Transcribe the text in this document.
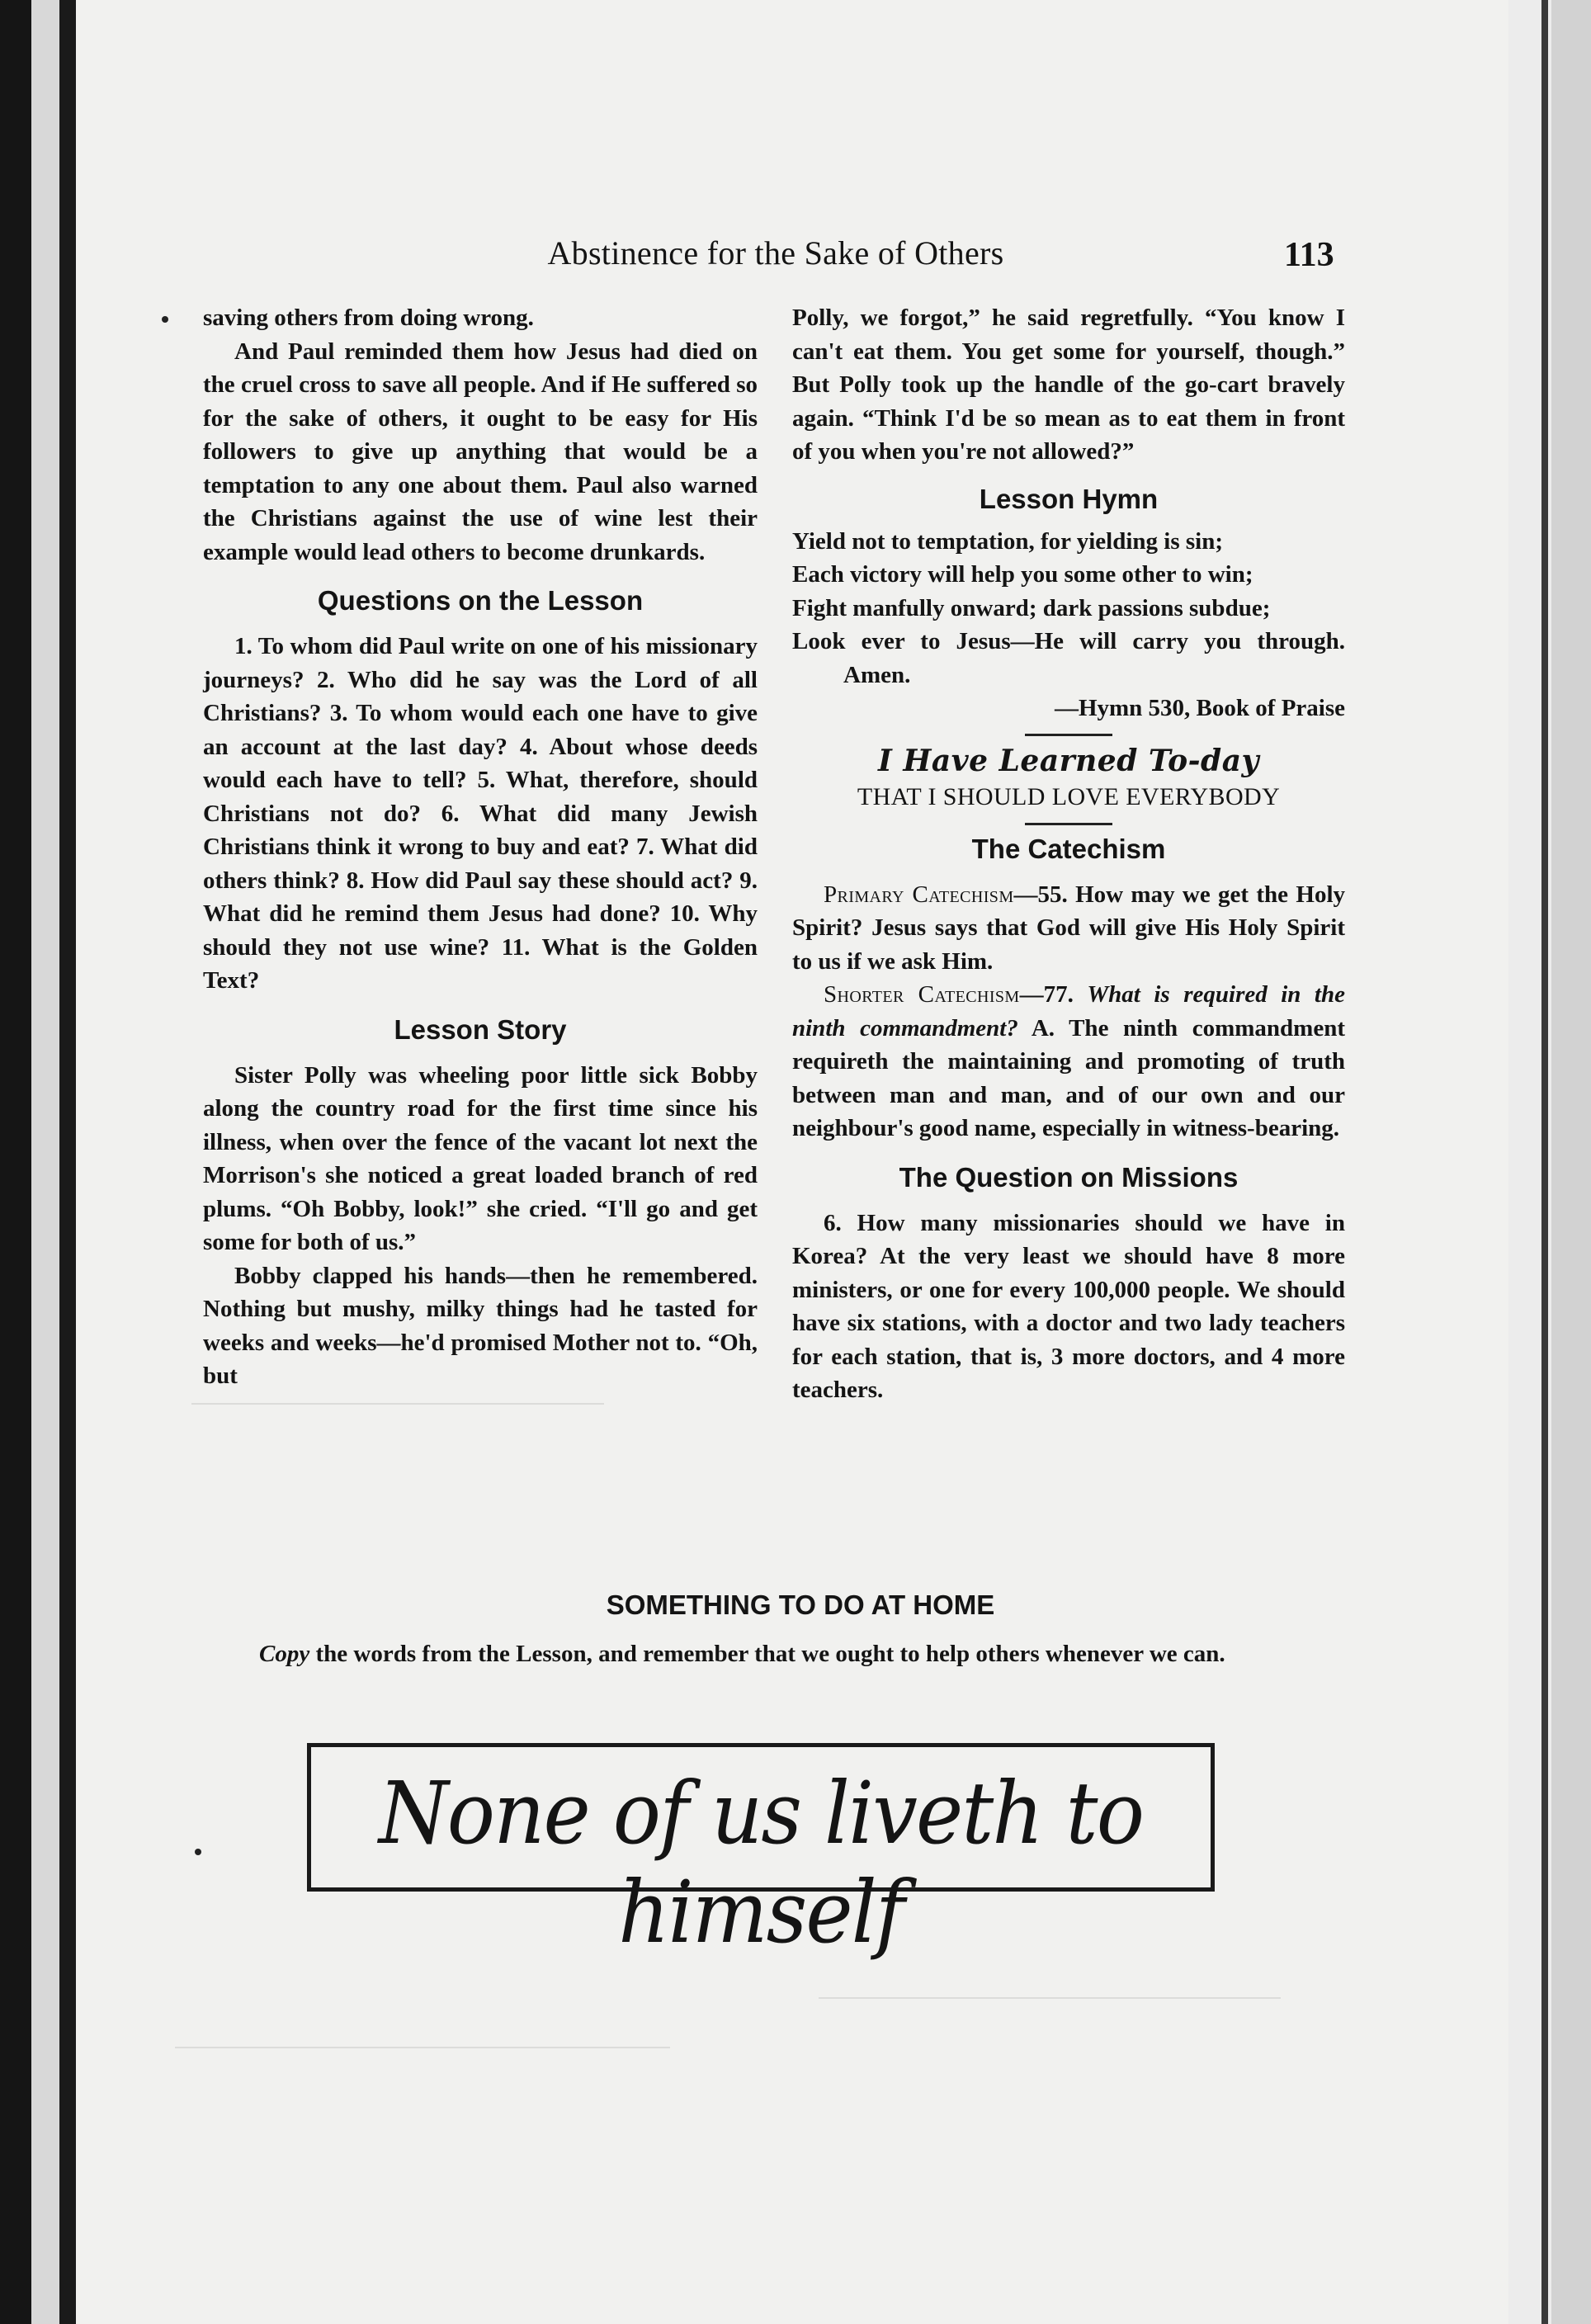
Abstinence for the Sake of Others	113

saving others from doing wrong.

And Paul reminded them how Jesus had died on the cruel cross to save all people. And if He suffered so for the sake of others, it ought to be easy for His followers to give up anything that would be a temptation to any one about them. Paul also warned the Christians against the use of wine lest their example would lead others to become drunkards.

Questions on the Lesson

1. To whom did Paul write on one of his missionary journeys? 2. Who did he say was the Lord of all Christians? 3. To whom would each one have to give an account at the last day? 4. About whose deeds would each have to tell? 5. What, therefore, should Christians not do? 6. What did many Jewish Christians think it wrong to buy and eat? 7. What did others think? 8. How did Paul say these should act? 9. What did he remind them Jesus had done? 10. Why should they not use wine? 11. What is the Golden Text?

Lesson Story

Sister Polly was wheeling poor little sick Bobby along the country road for the first time since his illness, when over the fence of the vacant lot next the Morrison's she noticed a great loaded branch of red plums. “Oh Bobby, look!” she cried. “I'll go and get some for both of us.”

Bobby clapped his hands—then he remembered. Nothing but mushy, milky things had he tasted for weeks and weeks—he'd promised Mother not to. “Oh, but

Polly, we forgot,” he said regretfully. “You know I can't eat them. You get some for yourself, though.” But Polly took up the handle of the go-cart bravely again. “Think I'd be so mean as to eat them in front of you when you're not allowed?”

Lesson Hymn

Yield not to temptation, for yielding is sin;

Each victory will help you some other to win;

Fight manfully onward; dark passions subdue;

Look ever to Jesus—He will carry you through. Amen.

—Hymn 530, Book of Praise

I Have Learned To-day
THAT I SHOULD LOVE EVERYBODY
The Catechism

Primary Catechism—55. How may we get the Holy Spirit? Jesus says that God will give His Holy Spirit to us if we ask Him.

Shorter Catechism—77. What is required in the ninth commandment? A. The ninth commandment requireth the maintaining and promoting of truth between man and man, and of our own and our neighbour's good name, especially in witness-bearing.

The Question on Missions

6. How many missionaries should we have in Korea? At the very least we should have 8 more ministers, or one for every 100,000 people. We should have six stations, with a doctor and two lady teachers for each station, that is, 3 more doctors, and 4 more teachers.

SOMETHING TO DO AT HOME
Copy the words from the Lesson, and remember that we ought to help others whenever we can.
None of us liveth to himself
